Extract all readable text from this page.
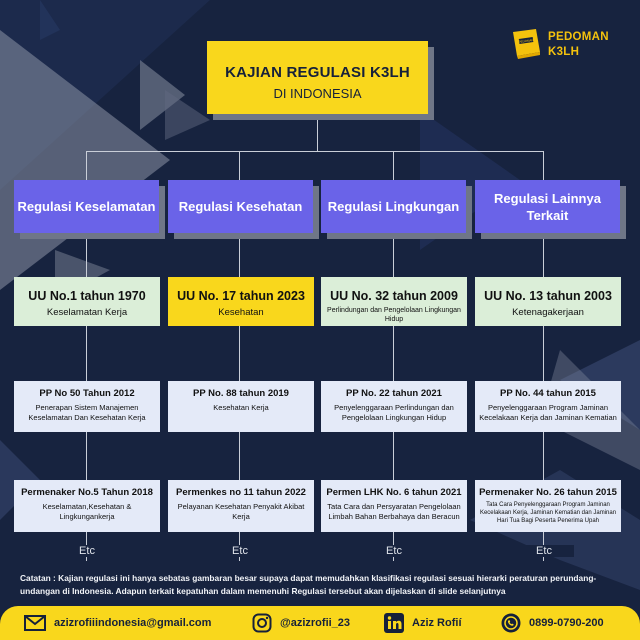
KAJIAN REGULASI K3LH
DI INDONESIA
PEDOMAN PEDOMAN
K3LH
Regulasi Keselamatan	Regulasi Kesehatan	Regulasi Lingkungan
Regulasi Lainnya Terkait
UU No.1 tahun 1970
Keselamatan Kerja
UU No. 17 tahun 2023
Kesehatan
UU No. 32 tahun 2009
Perlindungan dan Pengelolaan Lingkungan Hidup
UU No. 13 tahun 2003
Ketenagakerjaan
PP No 50 Tahun 2012
Penerapan Sistem Manajemen Keselamatan Dan Kesehatan Kerja
PP No. 88 tahun 2019
Kesehatan Kerja
PP No. 22 tahun 2021
Penyelenggaraan Perlindungan dan Pengelolaan Lingkungan Hidup
PP No. 44 tahun 2015
Penyelenggaraan Program Jaminan Kecelakaan Kerja dan Jaminan Kematian
Permenaker No.5 Tahun 2018
Keselamatan,Kesehatan & Lingkungankerja
Permenkes no 11 tahun 2022
Pelayanan Kesehatan Penyakit Akibat Kerja
Permen LHK No. 6 tahun 2021
Tata Cara dan Persyaratan Pengelolaan Limbah Bahan Berbahaya dan Beracun
Permenaker No. 26 tahun 2015
Tata Cara Penyelenggaraan Program Jaminan Kecelakaan Kerja, Jaminan Kematian dan Jaminan Hari Tua Bagi Peserta Penerima Upah
Etc	Etc	Etc	Etc
Catatan : Kajian regulasi ini hanya sebatas gambaran besar supaya dapat memudahkan klasifikasi regulasi sesuai hierarki peraturan perundang-undangan di Indonesia. Adapun terkait kepatuhan dalam memenuhi Regulasi tersebut akan dijelaskan di slide selanjutnya
azizrofiiindonesia@gmail.com	@azizrofii_23	Aziz Rofií	0899-0790-200
